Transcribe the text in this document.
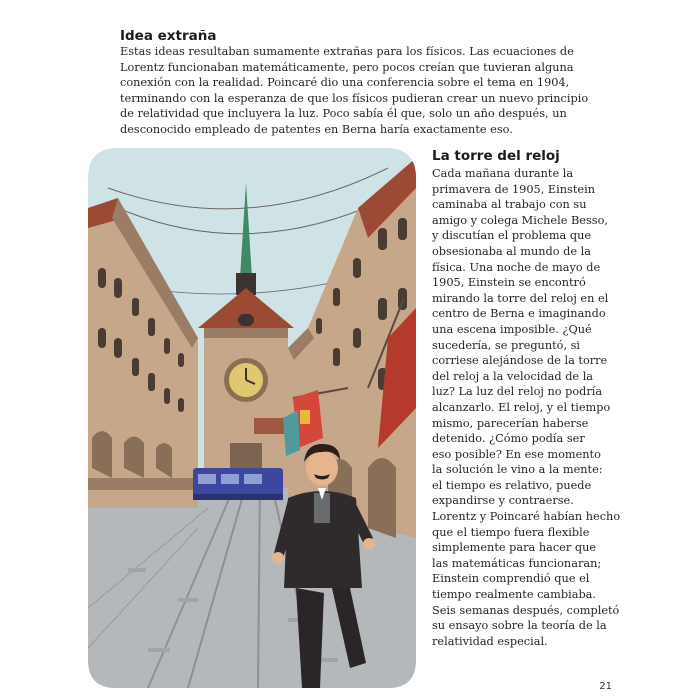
Idea extraña

Estas ideas resultaban sumamente extrañas para los físicos. Las ecuaciones de Lorentz funcionaban matemáticamente, pero pocos creían que tuvieran alguna conexión con la realidad. Poincaré dio una conferencia sobre el tema en 1904, terminando con la esperanza de que los físicos pudieran crear un nuevo principio de relatividad que incluyera la luz. Poco sabía él que, solo un año después, un desconocido empleado de patentes en Berna haría exactamente eso.

La torre del reloj
Cada mañana durante la
primavera de 1905, Einstein
caminaba al trabajo con su
amigo y colega Michele Besso,
y discutían el problema que
obsesionaba al mundo de la
física. Una noche de mayo de
1905, Einstein se encontró
mirando la torre del reloj en el
centro de Berna e imaginando
una escena imposible. ¿Qué
sucedería, se preguntó, si
corriese alejándose de la torre
del reloj a la velocidad de la
luz? La luz del reloj no podría
alcanzarlo. El reloj, y el tiempo
mismo, parecerían haberse
detenido. ¿Cómo podía ser
eso posible? En ese momento
la solución le vino a la mente:
el tiempo es relativo, puede
expandirse y contraerse.
Lorentz y Poincaré habían hecho
que el tiempo fuera flexible
simplemente para hacer que
las matemáticas funcionaran;
Einstein comprendió que el
tiempo realmente cambiaba.
Seis semanas después, completó
su ensayo sobre la teoría de la
relatividad especial.
21
